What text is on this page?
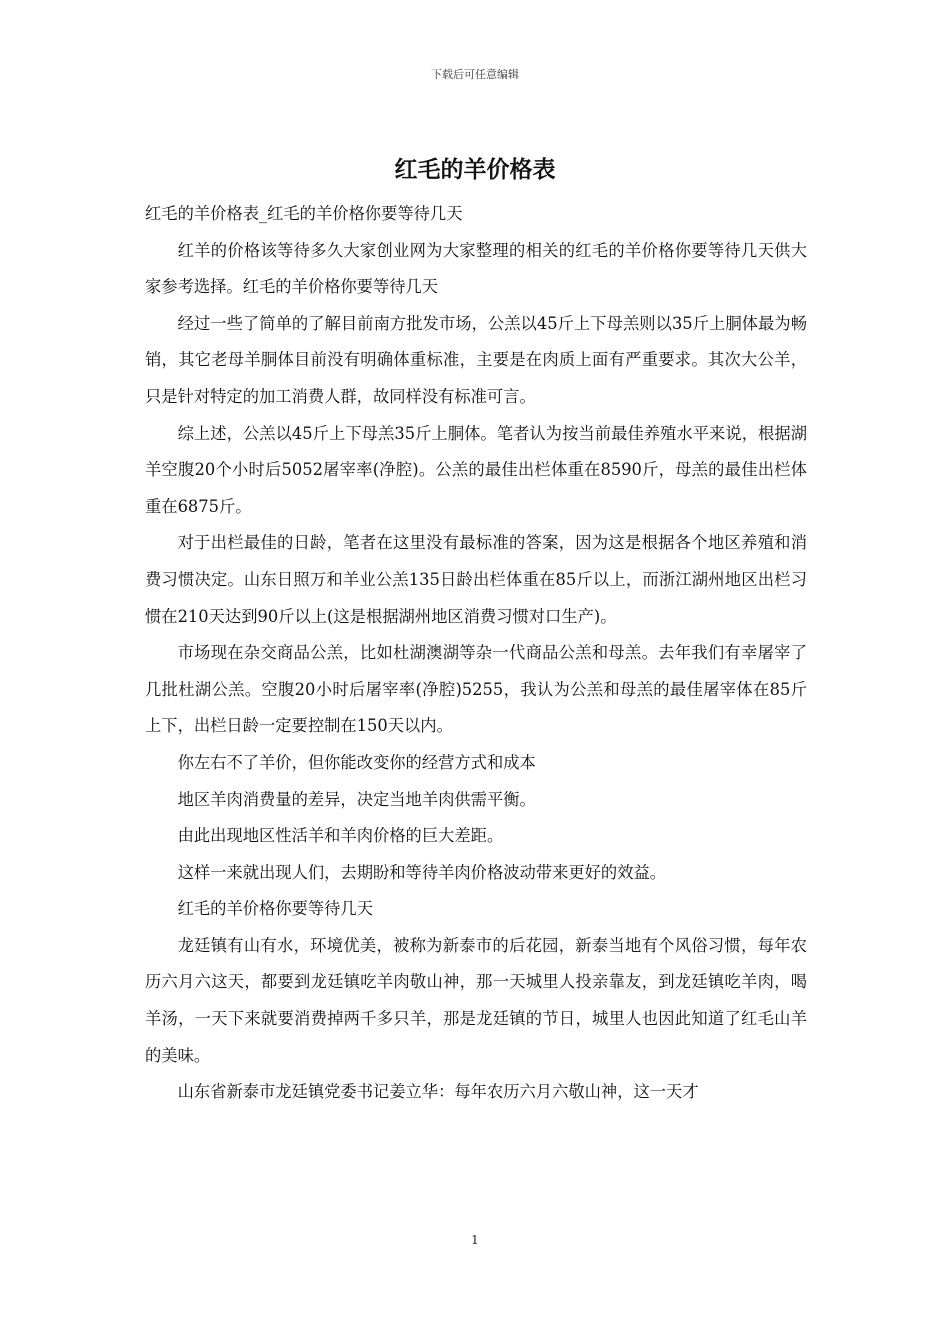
下载后可任意编辑
红毛的羊价格表

红毛的羊价格表_红毛的羊价格你要等待几天

红羊的价格该等待多久大家创业网为大家整理的相关的红毛的羊价格你要等待几天供大家参考选择。红毛的羊价格你要等待几天

经过一些了简单的了解目前南方批发市场，公羔以45斤上下母羔则以35斤上胴体最为畅销，其它老母羊胴体目前没有明确体重标准，主要是在肉质上面有严重要求。其次大公羊，只是针对特定的加工消费人群，故同样没有标准可言。

综上述，公羔以45斤上下母羔35斤上胴体。笔者认为按当前最佳养殖水平来说，根据湖羊空腹20个小时后5052屠宰率(净腔)。公羔的最佳出栏体重在8590斤，母羔的最佳出栏体重在6875斤。

对于出栏最佳的日龄，笔者在这里没有最标准的答案，因为这是根据各个地区养殖和消费习惯决定。山东日照万和羊业公羔135日龄出栏体重在85斤以上，而浙江湖州地区出栏习惯在210天达到90斤以上(这是根据湖州地区消费习惯对口生产)。

市场现在杂交商品公羔，比如杜湖澳湖等杂一代商品公羔和母羔。去年我们有幸屠宰了几批杜湖公羔。空腹20小时后屠宰率(净腔)5255，我认为公羔和母羔的最佳屠宰体在85斤上下，出栏日龄一定要控制在150天以内。

你左右不了羊价，但你能改变你的经营方式和成本

地区羊肉消费量的差异，决定当地羊肉供需平衡。

由此出现地区性活羊和羊肉价格的巨大差距。

这样一来就出现人们，去期盼和等待羊肉价格波动带来更好的效益。

红毛的羊价格你要等待几天

龙廷镇有山有水，环境优美，被称为新泰市的后花园，新泰当地有个风俗习惯，每年农历六月六这天，都要到龙廷镇吃羊肉敬山神，那一天城里人投亲靠友，到龙廷镇吃羊肉，喝羊汤，一天下来就要消费掉两千多只羊，那是龙廷镇的节日，城里人也因此知道了红毛山羊的美味。

山东省新泰市龙廷镇党委书记姜立华：每年农历六月六敬山神，这一天才

1
